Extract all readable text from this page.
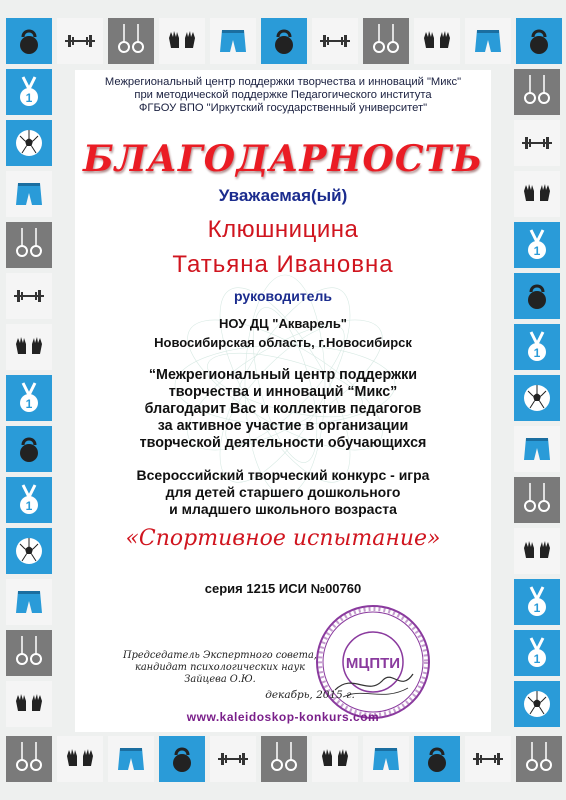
1
1
1
1
1
1
1
Межрегиональный центр поддержки творчества и инноваций "Микс"
при методической поддержке Педагогического института
ФГБОУ ВПО "Иркутский государственный университет"
БЛАГОДАРНОСТЬ
Уважаемая(ый)
Клюшницина
Татьяна Ивановна
руководитель
НОУ ДЦ "Акварель"
Новосибирская область, г.Новосибирск
“Межрегиональный центр поддержки
творчества и инноваций “Микс”
благодарит Вас и коллектив педагогов
за активное участие в организации
творческой деятельности обучающихся
Всероссийский творческий конкурс - игра
для детей старшего дошкольного
и младшего школьного возраста
«Спортивное испытание»
серия 1215 ИСИ №00760
МЦПТИ
Председатель Экспертного совета,
кандидат психологических наук
Зайцева О.Ю.
декабрь, 2015 г.
www.kaleidoskop-konkurs.com
